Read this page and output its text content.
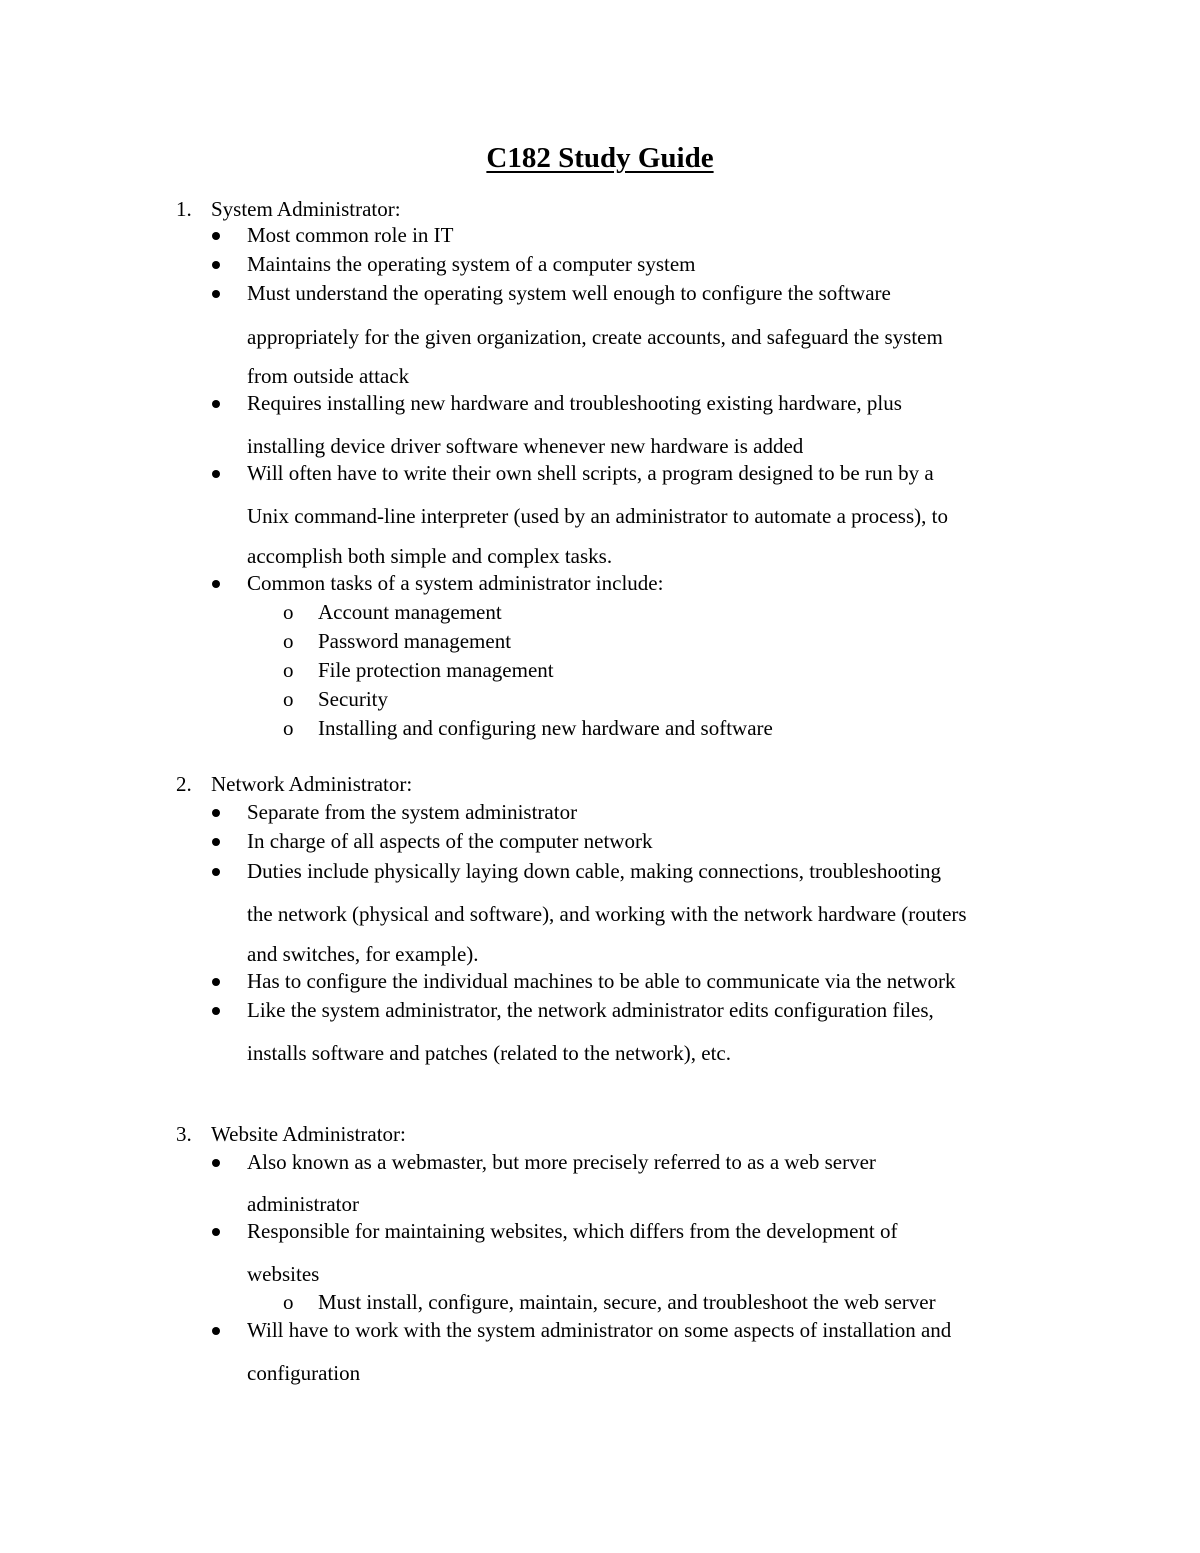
C182 Study Guide
1. System Administrator:
Most common role in IT
Maintains the operating system of a computer system
Must understand the operating system well enough to configure the software
appropriately for the given organization, create accounts, and safeguard the system
from outside attack
Requires installing new hardware and troubleshooting existing hardware, plus
installing device driver software whenever new hardware is added
Will often have to write their own shell scripts, a program designed to be run by a
Unix command-line interpreter (used by an administrator to automate a process), to
accomplish both simple and complex tasks.
Common tasks of a system administrator include:
o Account management
o Password management
o File protection management
o Security
o Installing and configuring new hardware and software
2. Network Administrator:
Separate from the system administrator
In charge of all aspects of the computer network
Duties include physically laying down cable, making connections, troubleshooting
the network (physical and software), and working with the network hardware (routers
and switches, for example).
Has to configure the individual machines to be able to communicate via the network
Like the system administrator, the network administrator edits configuration files,
installs software and patches (related to the network), etc.
3. Website Administrator:
Also known as a webmaster, but more precisely referred to as a web server
administrator
Responsible for maintaining websites, which differs from the development of
websites
o Must install, configure, maintain, secure, and troubleshoot the web server
Will have to work with the system administrator on some aspects of installation and
configuration
